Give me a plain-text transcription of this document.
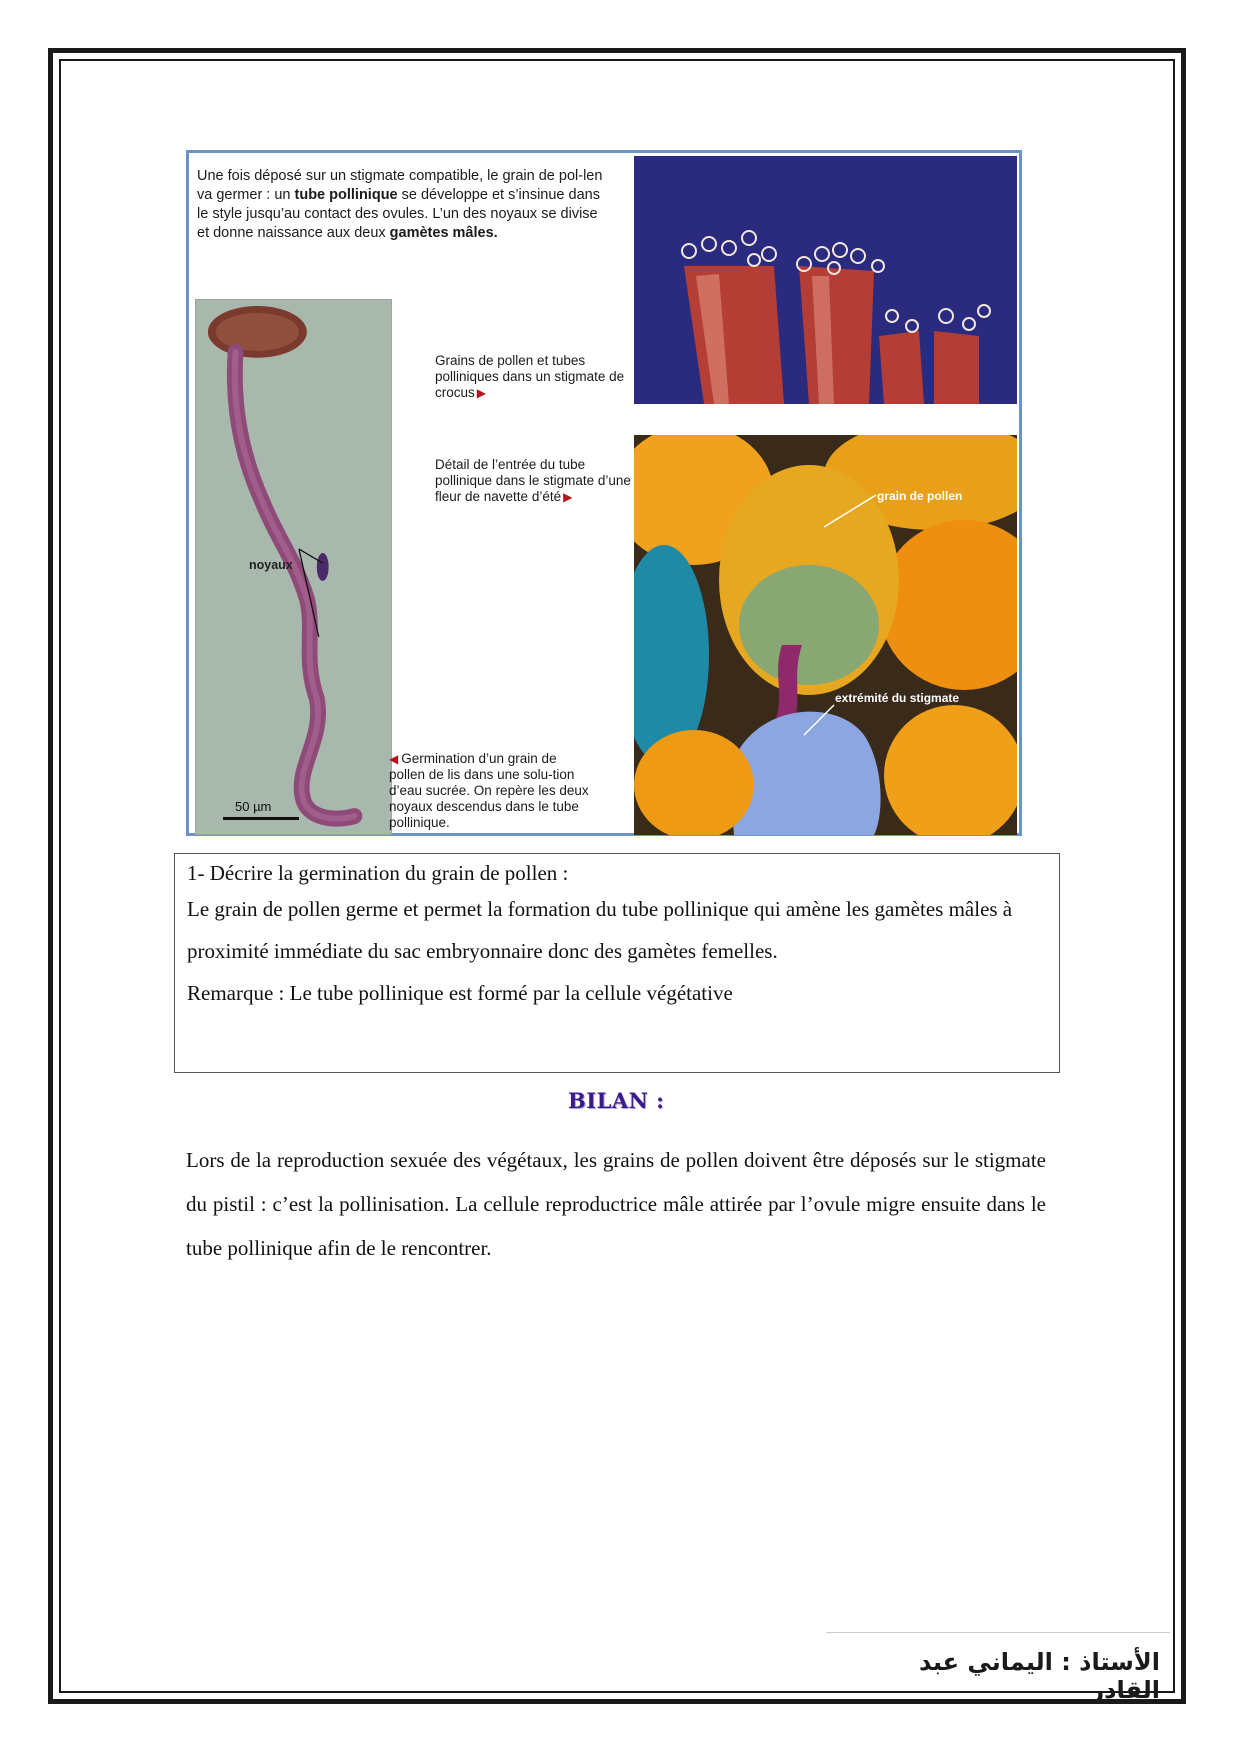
Une fois déposé sur un stigmate compatible, le grain de pol-len va germer : un tube pollinique se développe et s’insinue dans le style jusqu’au contact des ovules. L’un des noyaux se divise et donne naissance aux deux gamètes mâles.
noyaux
50 µm
grain de pollen
extrémité du stigmate
Grains de pollen et tubes polliniques dans un stigmate de crocus ▶
Détail de l’entrée du tube pollinique dans le stigmate d’une fleur de navette d’été ▶
◀ Germination d’un grain de pollen de lis dans une solu-tion d’eau sucrée. On repère les deux noyaux descendus dans le tube pollinique.

1- Décrire la germination du grain de pollen :

Le grain de pollen germe et permet la formation du tube pollinique qui amène les gamètes mâles à proximité immédiate du sac embryonnaire donc des gamètes femelles.

Remarque : Le tube pollinique est formé par la cellule végétative

BILAN :
Lors de la reproduction sexuée des végétaux, les grains de pollen doivent être déposés sur le stigmate du pistil : c’est la pollinisation. La cellule reproductrice mâle attirée par l’ovule migre ensuite dans le tube pollinique afin de le rencontrer.
الأستاذ : اليماني عبد القادر
